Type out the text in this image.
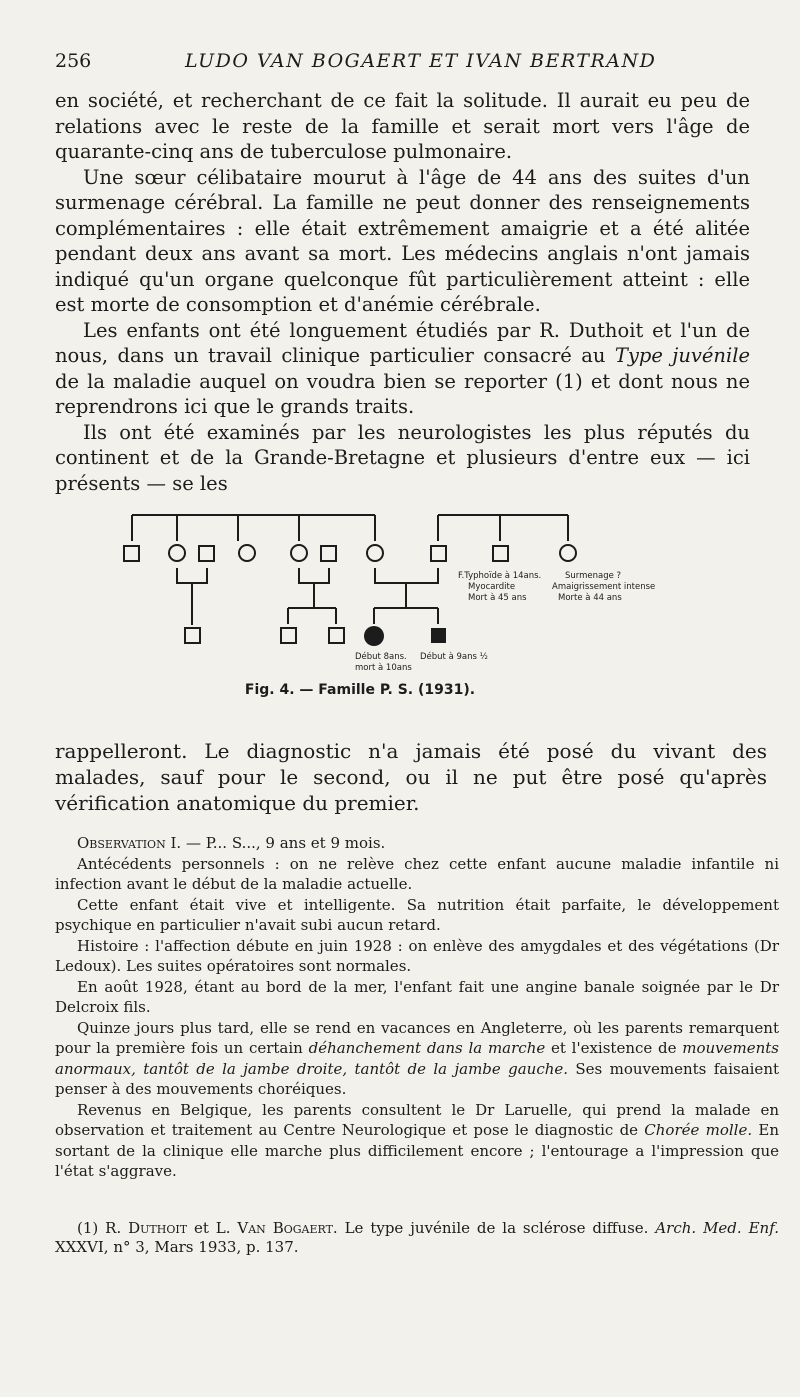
256	LUDO VAN BOGAERT ET IVAN BERTRAND

en société, et recherchant de ce fait la solitude. Il aurait eu peu de relations avec le reste de la famille et serait mort vers l'âge de quarante-cinq ans de tuberculose pulmonaire.

Une sœur célibataire mourut à l'âge de 44 ans des suites d'un surmenage cérébral. La famille ne peut donner des renseignements complémentaires : elle était extrêmement amaigrie et a été alitée pendant deux ans avant sa mort. Les médecins anglais n'ont jamais indiqué qu'un organe quelconque fût particulièrement atteint : elle est morte de consomption et d'anémie cérébrale.

Les enfants ont été longuement étudiés par R. Duthoit et l'un de nous, dans un travail clinique particulier consacré au Type juvénile de la maladie auquel on voudra bien se reporter (1) et dont nous ne reprendrons ici que le grands traits.

Ils ont été examinés par les neurologistes les plus réputés du continent et de la Grande-Bretagne et plusieurs d'entre eux — ici présents — se les

F.Typhoïde à 14ans.
Myocardite
Mort à 45 ans
Surmenage ?
Amaigrissement intense
Morte à 44 ans
Début 8ans.
mort à 10ans
Début à 9ans ½
Fig. 4. — Famille P. S. (1931).

rappelleront. Le diagnostic n'a jamais été posé du vivant des malades, sauf pour le second, ou il ne put être posé qu'après vérification anatomique du premier.

Observation I. — P... S..., 9 ans et 9 mois.

Antécédents personnels : on ne relève chez cette enfant aucune maladie infantile ni infection avant le début de la maladie actuelle.

Cette enfant était vive et intelligente. Sa nutrition était parfaite, le développement psychique en particulier n'avait subi aucun retard.

Histoire : l'affection débute en juin 1928 : on enlève des amygdales et des végétations (Dr Ledoux). Les suites opératoires sont normales.

En août 1928, étant au bord de la mer, l'enfant fait une angine banale soignée par le Dr Delcroix fils.

Quinze jours plus tard, elle se rend en vacances en Angleterre, où les parents remarquent pour la première fois un certain déhanchement dans la marche et l'existence de mouvements anormaux, tantôt de la jambe droite, tantôt de la jambe gauche. Ses mouvements faisaient penser à des mouvements choréiques.

Revenus en Belgique, les parents consultent le Dr Laruelle, qui prend la malade en observation et traitement au Centre Neurologique et pose le diagnostic de Chorée molle. En sortant de la clinique elle marche plus difficilement encore ; l'entourage a l'impression que l'état s'aggrave.

(1) R. Duthoit et L. Van Bogaert. Le type juvénile de la sclérose diffuse. Arch. Med. Enf. XXXVI, n° 3, Mars 1933, p. 137.
